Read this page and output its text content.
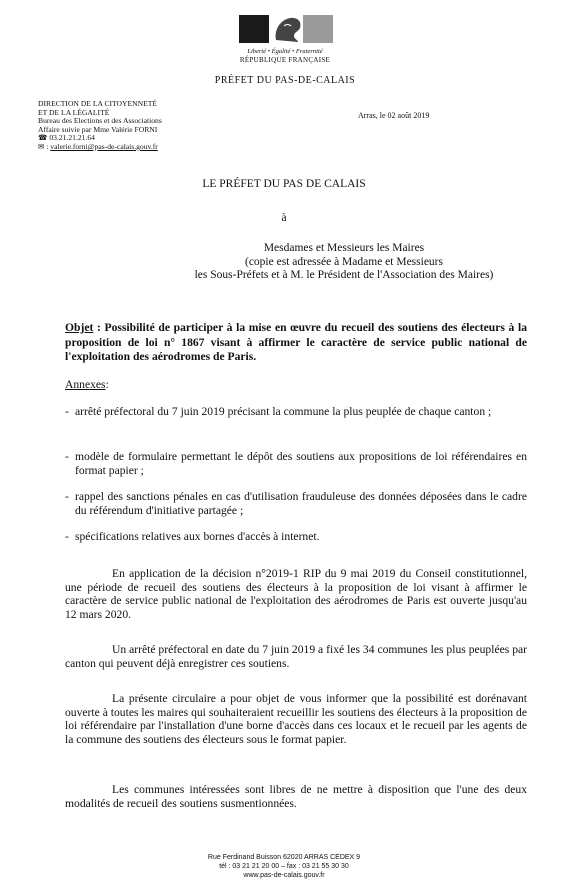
Liberté • Égalité • Fraternité
RÉPUBLIQUE FRANÇAISE
PRÉFET DU PAS-DE-CALAIS
DIRECTION DE LA CITOYENNETÉ
ET DE LA LÉGALITÉ
Bureau des Elections et des Associations
Affaire suivie par Mme Valérie FORNI
☎ 03.21.21.21.64
✉ : valerie.forni@pas-de-calais.gouv.fr
Arras, le 02 août 2019
LE PRÉFET DU PAS DE CALAIS
à
Mesdames et Messieurs les Maires
(copie est adressée à Madame et Messieurs
les Sous-Préfets et à M. le Président de l'Association des Maires)
Objet : Possibilité de participer à la mise en œuvre du recueil des soutiens des électeurs à la proposition de loi n° 1867 visant à affirmer le caractère de service public national de l'exploitation des aérodromes de Paris.
Annexes:
- arrêté préfectoral du 7 juin 2019 précisant la commune la plus peuplée de chaque canton ;
- modèle de formulaire permettant le dépôt des soutiens aux propositions de loi référendaires en format papier ;
- rappel des sanctions pénales en cas d'utilisation frauduleuse des données déposées dans le cadre du référendum d'initiative partagée ;
- spécifications relatives aux bornes d'accès à internet.
En application de la décision n°2019-1 RIP du 9 mai 2019 du Conseil constitutionnel, une période de recueil des soutiens des électeurs à la proposition de loi visant à affirmer le caractère de service public national de l'exploitation des aérodromes de Paris est ouverte jusqu'au 12 mars 2020.
Un arrêté préfectoral en date du 7 juin 2019 a fixé les 34 communes les plus peuplées par canton qui peuvent déjà enregistrer ces soutiens.
La présente circulaire a pour objet de vous informer que la possibilité est dorénavant ouverte à toutes les maires qui souhaiteraient recueillir les soutiens des électeurs à la proposition de loi référendaire par l'installation d'une borne d'accès dans ces locaux et le recueil par les agents de la commune des soutiens des électeurs sous le format papier.
Les communes intéressées sont libres de ne mettre à disposition que l'une des deux modalités de recueil des soutiens susmentionnées.
Rue Ferdinand Buisson 62020 ARRAS CEDEX 9
tél : 03 21 21 20 00 – fax : 03 21 55 30 30
www.pas-de-calais.gouv.fr
